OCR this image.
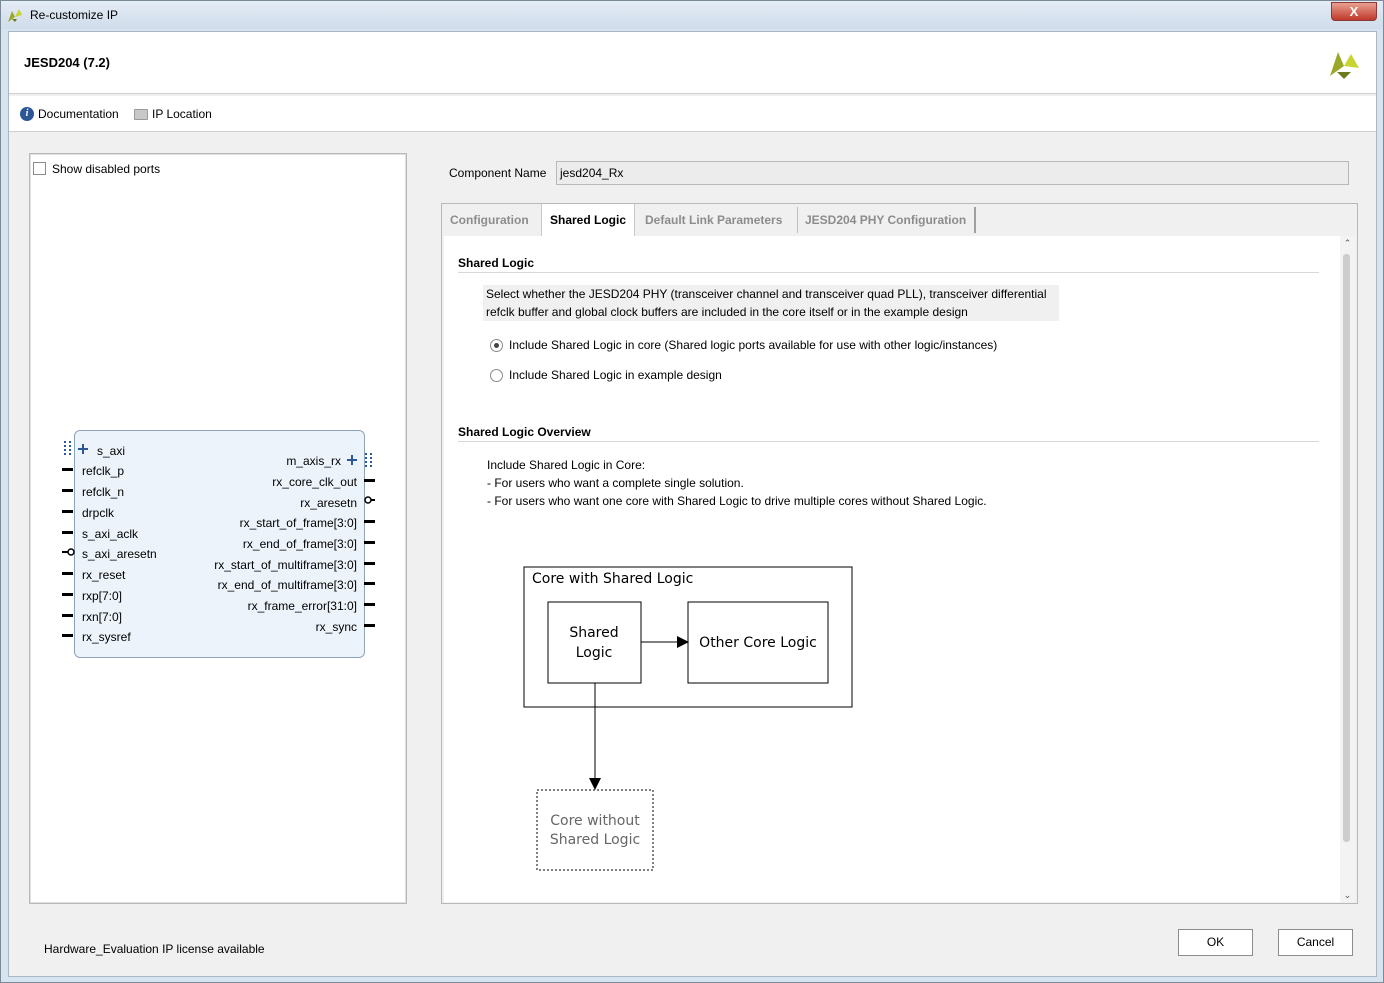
Re-customize IP	X
JESD204 (7.2)
i Documentation	IP Location
Show disabled ports
s_axi
refclk_p
refclk_n
drpclk
s_axi_aclk
s_axi_aresetn
rx_reset
rxp[7:0]
rxn[7:0]
rx_sysref
m_axis_rx
rx_core_clk_out
rx_aresetn
rx_start_of_frame[3:0]
rx_end_of_frame[3:0]
rx_start_of_multiframe[3:0]
rx_end_of_multiframe[3:0]
rx_frame_error[31:0]
rx_sync
Component Name	jesd204_Rx
Configuration	Shared Logic	Default Link Parameters	JESD204 PHY Configuration
Shared Logic
Select whether the JESD204 PHY (transceiver channel and transceiver quad PLL), transceiver differential
refclk buffer and global clock buffers are included in the core itself or in the example design
Include Shared Logic in core (Shared logic ports available for use with other logic/instances)
Include Shared Logic in example design
Shared Logic Overview
Include Shared Logic in Core:
- For users who want a complete single solution.
- For users who want one core with Shared Logic to drive multiple cores without Shared Logic.
Core with Shared Logic
Shared
Logic
Other Core Logic
Core without
Shared Logic
⌃
⌄
Hardware_Evaluation IP license available	OK	Cancel
